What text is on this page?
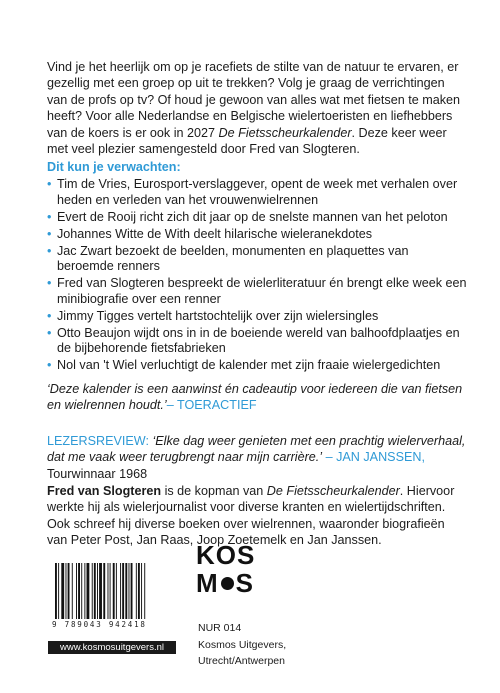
Vind je het heerlijk om op je racefiets de stilte van de natuur te ervaren, er gezellig met een groep op uit te trekken? Volg je graag de verrichtingen van de profs op tv? Of houd je gewoon van alles wat met fietsen te maken heeft? Voor alle Nederlandse en Belgische wielertoeristen en liefhebbers van de koers is er ook in 2027 De Fietsscheurkalender. Deze keer weer met veel plezier samengesteld door Fred van Slogteren.

Dit kun je verwachten:

• Tim de Vries, Eurosport-verslaggever, opent de week met verhalen over heden en verleden van het vrouwenwielrennen
• Evert de Rooij richt zich dit jaar op de snelste mannen van het peloton
• Johannes Witte de With deelt hilarische wieleranekdotes
• Jac Zwart bezoekt de beelden, monumenten en plaquettes van beroemde renners
• Fred van Slogteren bespreekt de wielerliteratuur én brengt elke week een minibiografie over een renner
• Jimmy Tigges vertelt hartstochtelijk over zijn wielersingles
• Otto Beaujon wijdt ons in in de boeiende wereld van balhoofdplaatjes en de bijbehorende fietsfabrieken
• Nol van 't Wiel verluchtigt de kalender met zijn fraaie wielergedichten

‘Deze kalender is een aanwinst én cadeautip voor iedereen die van fietsen en wielrennen houdt.’– TOERACTIEF

LEZERSREVIEW: ‘Elke dag weer genieten met een prachtig wielerverhaal, dat me vaak weer terugbrengt naar mijn carrière.’ – JAN JANSSEN, Tourwinnaar 1968

Fred van Slogteren is de kopman van De Fietsscheurkalender. Hiervoor werkte hij als wielerjournalist voor diverse kranten en wielertijdschriften. Ook schreef hij diverse boeken over wielrennen, waaronder biografieën van Peter Post, Jan Raas, Joop Zoetemelk en Jan Janssen.

9 789043 942418
www.kosmosuitgevers.nl
KOS
M S
NUR 014
Kosmos Uitgevers,
Utrecht/Antwerpen
